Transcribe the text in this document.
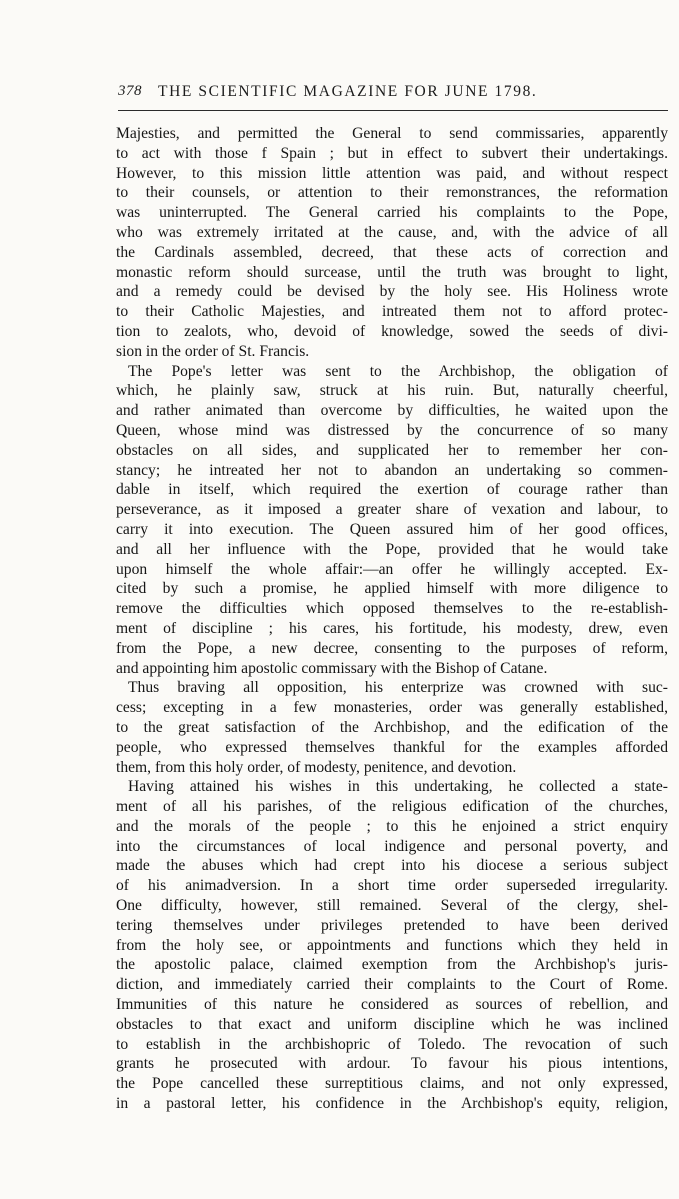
378 THE SCIENTIFIC MAGAZINE FOR JUNE 1798.
Majesties, and permitted the General to send commissaries, apparently
to act with those f Spain ; but in effect to subvert their undertakings.
However, to this mission little attention was paid, and without respect
to their counsels, or attention to their remonstrances, the reformation
was uninterrupted. The General carried his complaints to the Pope,
who was extremely irritated at the cause, and, with the advice of all
the Cardinals assembled, decreed, that these acts of correction and
monastic reform should surcease, until the truth was brought to light,
and a remedy could be devised by the holy see. His Holiness wrote
to their Catholic Majesties, and intreated them not to afford protec-
tion to zealots, who, devoid of knowledge, sowed the seeds of divi-
sion in the order of St. Francis.
The Pope's letter was sent to the Archbishop, the obligation of
which, he plainly saw, struck at his ruin. But, naturally cheerful,
and rather animated than overcome by difficulties, he waited upon the
Queen, whose mind was distressed by the concurrence of so many
obstacles on all sides, and supplicated her to remember her con-
stancy; he intreated her not to abandon an undertaking so commen-
dable in itself, which required the exertion of courage rather than
perseverance, as it imposed a greater share of vexation and labour, to
carry it into execution. The Queen assured him of her good offices,
and all her influence with the Pope, provided that he would take
upon himself the whole affair:—an offer he willingly accepted. Ex-
cited by such a promise, he applied himself with more diligence to
remove the difficulties which opposed themselves to the re-establish-
ment of discipline ; his cares, his fortitude, his modesty, drew, even
from the Pope, a new decree, consenting to the purposes of reform,
and appointing him apostolic commissary with the Bishop of Catane.
Thus braving all opposition, his enterprize was crowned with suc-
cess; excepting in a few monasteries, order was generally established,
to the great satisfaction of the Archbishop, and the edification of the
people, who expressed themselves thankful for the examples afforded
them, from this holy order, of modesty, penitence, and devotion.
Having attained his wishes in this undertaking, he collected a state-
ment of all his parishes, of the religious edification of the churches,
and the morals of the people ; to this he enjoined a strict enquiry
into the circumstances of local indigence and personal poverty, and
made the abuses which had crept into his diocese a serious subject
of his animadversion. In a short time order superseded irregularity.
One difficulty, however, still remained. Several of the clergy, shel-
tering themselves under privileges pretended to have been derived
from the holy see, or appointments and functions which they held in
the apostolic palace, claimed exemption from the Archbishop's juris-
diction, and immediately carried their complaints to the Court of Rome.
Immunities of this nature he considered as sources of rebellion, and
obstacles to that exact and uniform discipline which he was inclined
to establish in the archbishopric of Toledo. The revocation of such
grants he prosecuted with ardour. To favour his pious intentions,
the Pope cancelled these surreptitious claims, and not only expressed,
in a pastoral letter, his confidence in the Archbishop's equity, religion,
